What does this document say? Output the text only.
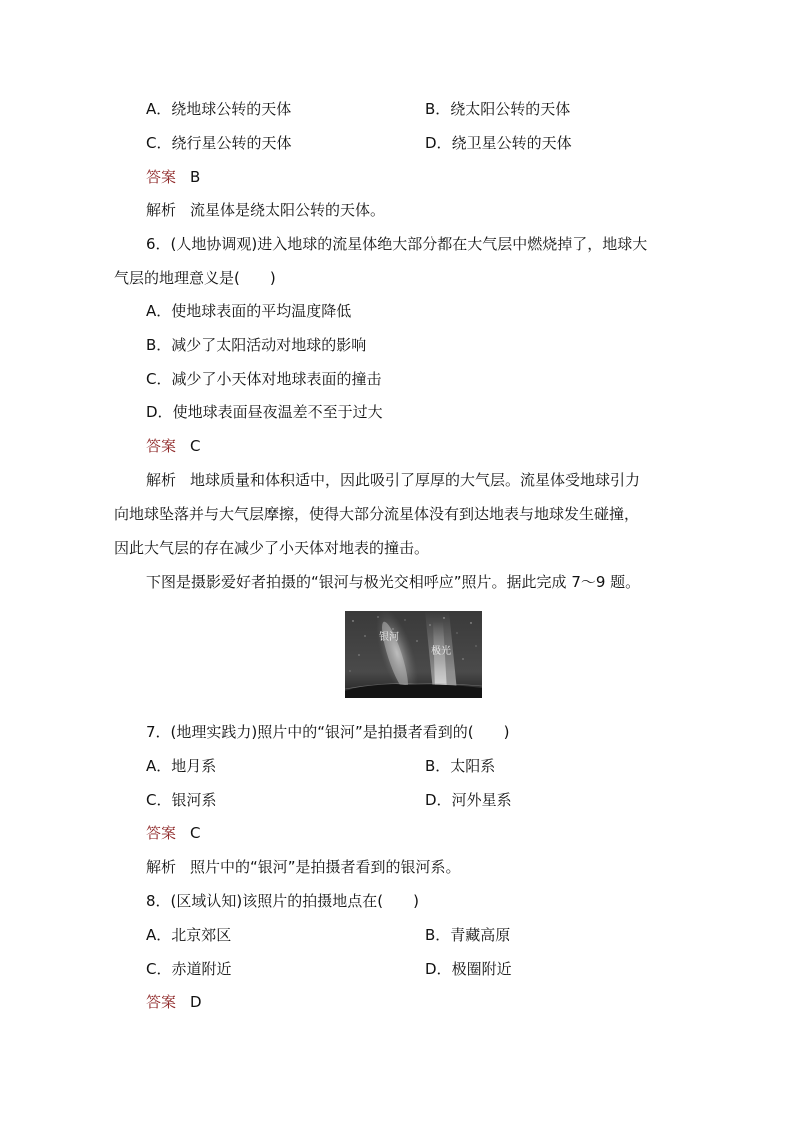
A．绕地球公转的天体	B．绕太阳公转的天体
C．绕行星公转的天体	D．绕卫星公转的天体
答案 B
解析 流星体是绕太阳公转的天体。
6．(人地协调观)进入地球的流星体绝大部分都在大气层中燃烧掉了，地球大
气层的地理意义是(　　)
A．使地球表面的平均温度降低
B．减少了太阳活动对地球的影响
C．减少了小天体对地球表面的撞击
D．使地球表面昼夜温差不至于过大
答案 C
解析 地球质量和体积适中，因此吸引了厚厚的大气层。流星体受地球引力
向地球坠落并与大气层摩擦，使得大部分流星体没有到达地表与地球发生碰撞，
因此大气层的存在减少了小天体对地表的撞击。
下图是摄影爱好者拍摄的“银河与极光交相呼应”照片。据此完成 7～9 题。
银河
极光
7．(地理实践力)照片中的“银河”是拍摄者看到的(　　)
A．地月系	B．太阳系
C．银河系	D．河外星系
答案 C
解析 照片中的“银河”是拍摄者看到的银河系。
8．(区域认知)该照片的拍摄地点在(　　)
A．北京郊区	B．青藏高原
C．赤道附近	D．极圈附近
答案 D
